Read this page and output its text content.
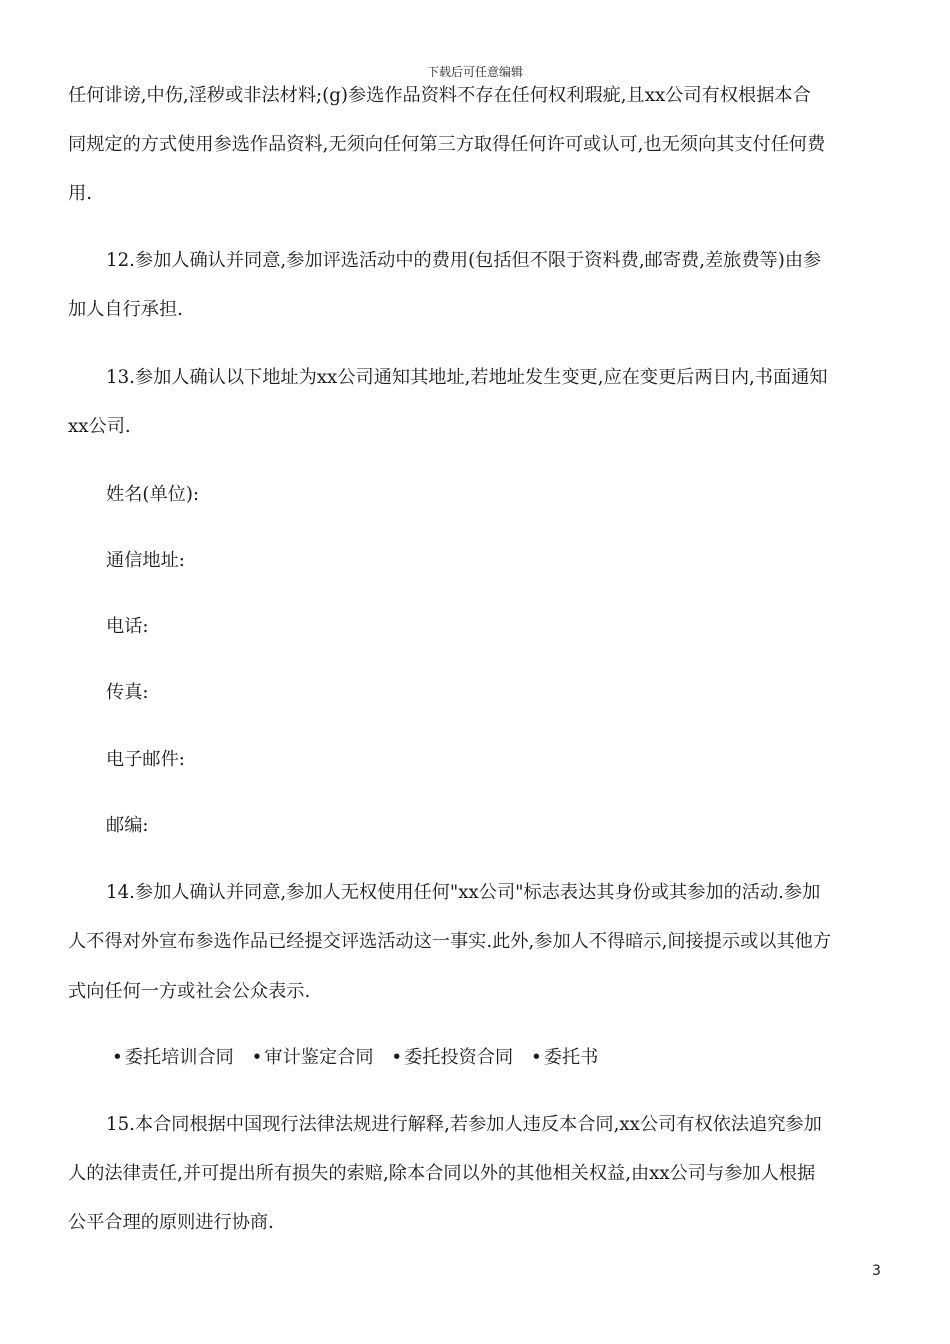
下载后可任意编辑
任何诽谤,中伤,淫秽或非法材料;(g)参选作品资料不存在任何权利瑕疵,且xx公司有权根据本合
同规定的方式使用参选作品资料,无须向任何第三方取得任何许可或认可,也无须向其支付任何费
用.
12.参加人确认并同意,参加评选活动中的费用(包括但不限于资料费,邮寄费,差旅费等)由参
加人自行承担.
13.参加人确认以下地址为xx公司通知其地址,若地址发生变更,应在变更后两日内,书面通知
xx公司.
姓名(单位):
通信地址:
电话:
传真:
电子邮件:
邮编:
14.参加人确认并同意,参加人无权使用任何"xx公司"标志表达其身份或其参加的活动.参加
人不得对外宣布参选作品已经提交评选活动这一事实.此外,参加人不得暗示,间接提示或以其他方
式向任何一方或社会公众表示.
• 委托培训合同 • 审计鉴定合同 • 委托投资合同 • 委托书
15.本合同根据中国现行法律法规进行解释,若参加人违反本合同,xx公司有权依法追究参加
人的法律责任,并可提出所有损失的索赔,除本合同以外的其他相关权益,由xx公司与参加人根据
公平合理的原则进行协商.
3
